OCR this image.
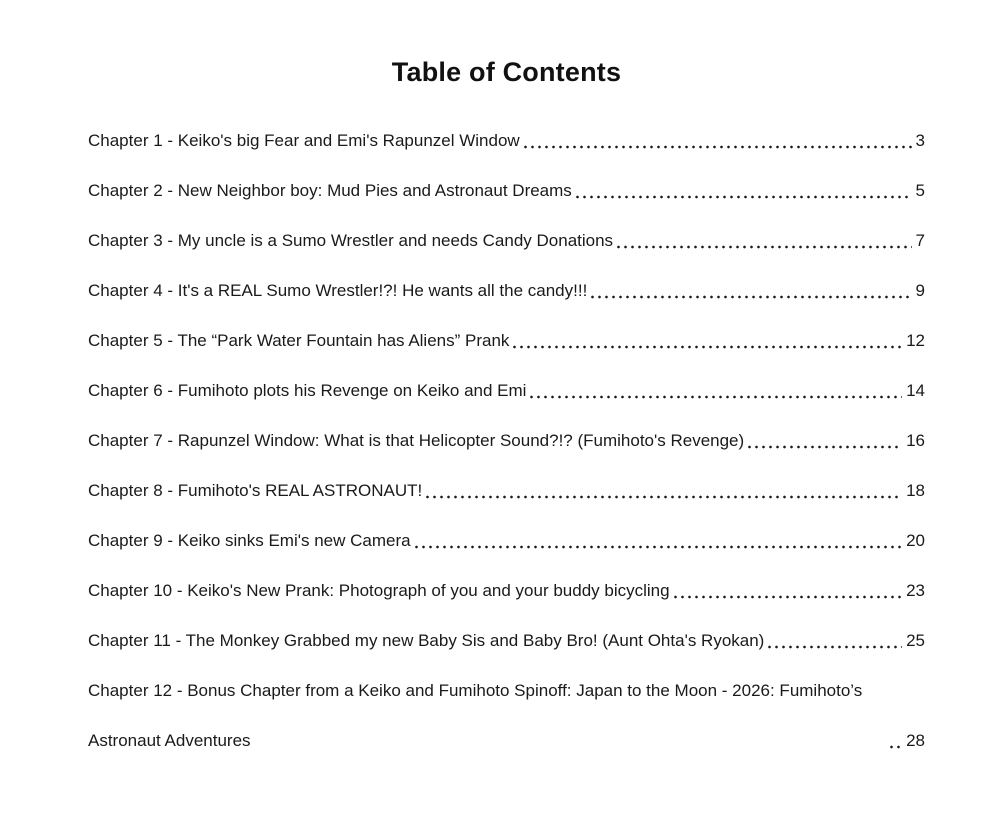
Table of Contents
Chapter 1 - Keiko's big Fear and Emi's Rapunzel Window	3
Chapter 2 - New Neighbor boy: Mud Pies and Astronaut Dreams	5
Chapter 3 - My uncle is a Sumo Wrestler and needs Candy Donations	7
Chapter 4 - It's a REAL Sumo Wrestler!?! He wants all the candy!!!	9
Chapter 5 - The “Park Water Fountain has Aliens” Prank	12
Chapter 6 - Fumihoto plots his Revenge on Keiko and Emi	14
Chapter 7 - Rapunzel Window: What is that Helicopter Sound?!? (Fumihoto's Revenge)	16
Chapter 8 - Fumihoto's REAL ASTRONAUT!	18
Chapter 9 - Keiko sinks Emi's new Camera	20
Chapter 10 - Keiko's New Prank: Photograph of you and your buddy bicycling	23
Chapter 11 - The Monkey Grabbed my new Baby Sis and Baby Bro! (Aunt Ohta's Ryokan)	25
Chapter 12 - Bonus Chapter from a Keiko and Fumihoto Spinoff: Japan to the Moon - 2026: Fumihoto’s Astronaut Adventures	28
